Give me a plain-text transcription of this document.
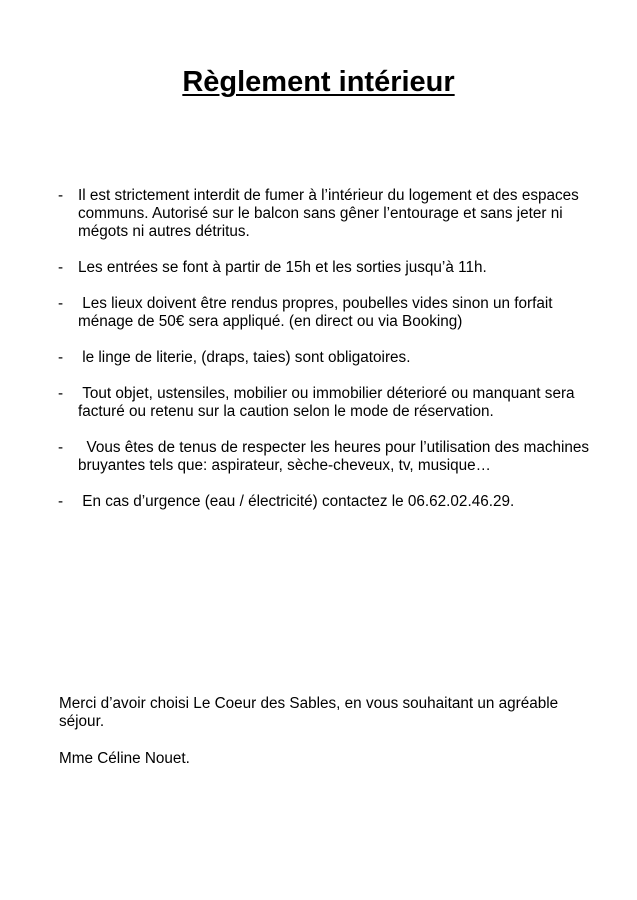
Règlement intérieur
- Il est strictement interdit de fumer à l’intérieur du logement et des espaces communs. Autorisé sur le balcon sans gêner l’entourage et sans jeter ni mégots ni autres détritus.
- Les entrées se font à partir de 15h et les sorties jusqu’à 11h.
- Les lieux doivent être rendus propres, poubelles vides sinon un forfait ménage de 50€ sera appliqué. (en direct ou via Booking)
- le linge de literie, (draps, taies) sont obligatoires.
- Tout objet, ustensiles, mobilier ou immobilier déterioré ou manquant sera facturé ou retenu sur la caution selon le mode de réservation.
- Vous êtes de tenus de respecter les heures pour l’utilisation des machines bruyantes tels que: aspirateur, sèche-cheveux, tv, musique…
- En cas d’urgence (eau / électricité) contactez le 06.62.02.46.29.

Merci d’avoir choisi Le Coeur des Sables, en vous souhaitant un agréable séjour.

Mme Céline Nouet.
